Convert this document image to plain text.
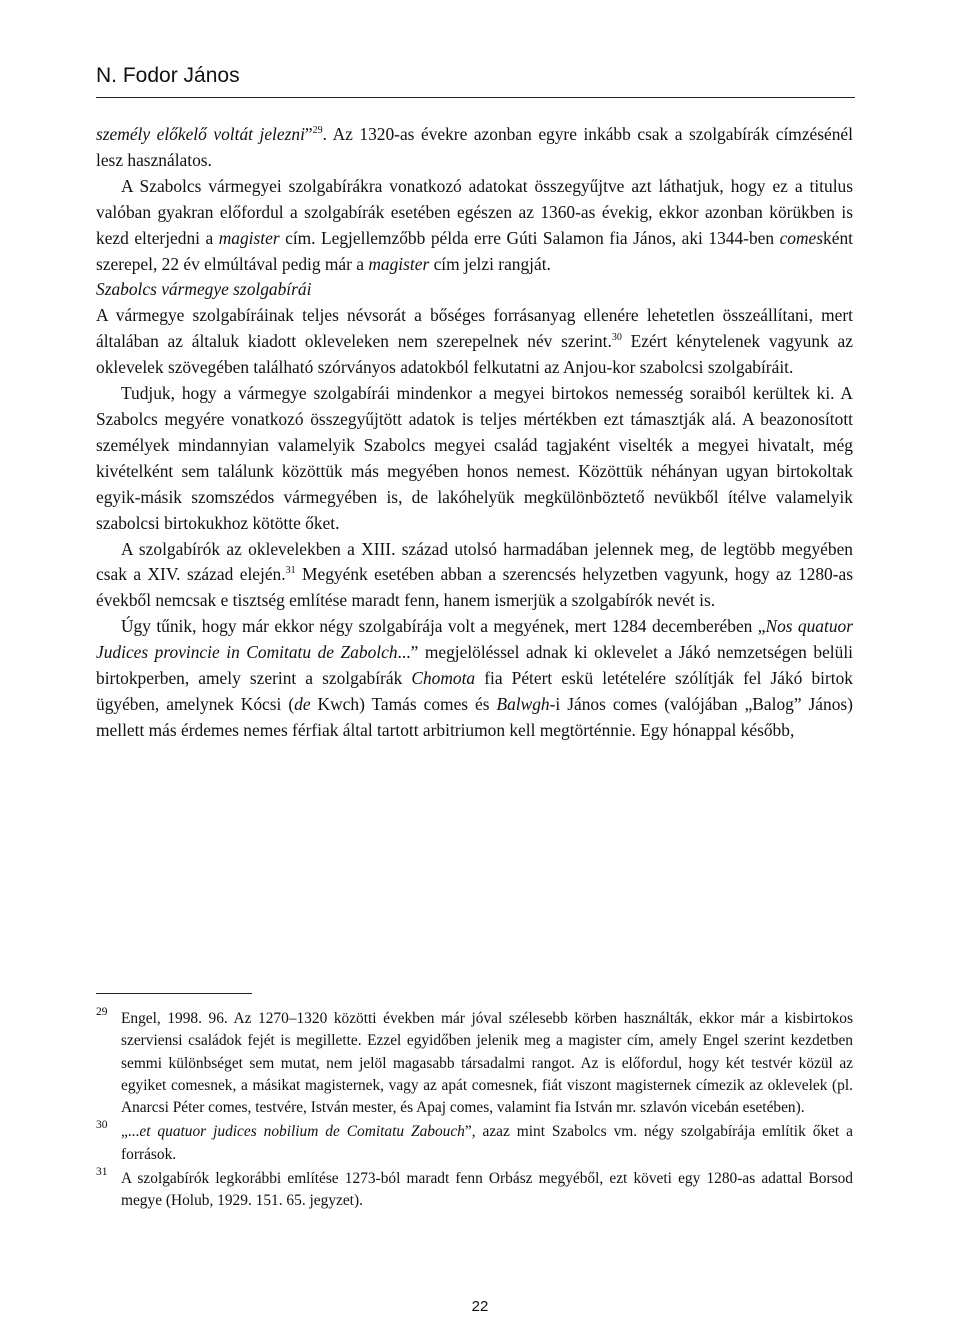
N. Fodor János

személy előkelő voltát jelezni”$^{29}$. Az 1320-as évekre azonban egyre inkább csak a szolgabírák címzésénél lesz használatos.

A Szabolcs vármegyei szolgabírákra vonatkozó adatokat összegyűjtve azt láthatjuk, hogy ez a titulus valóban gyakran előfordul a szolgabírák esetében egészen az 1360-as évekig, ekkor azonban körükben is kezd elterjedni a magister cím. Legjellemzőbb példa erre Gúti Salamon fia János, aki 1344-ben comesként szerepel, 22 év elmúltával pedig már a magister cím jelzi rangját.

Szabolcs vármegye szolgabírái

A vármegye szolgabíráinak teljes névsorát a bőséges forrásanyag ellenére lehetetlen összeállítani, mert általában az általuk kiadott okleveleken nem szerepelnek név szerint.$^{30}$ Ezért kénytelenek vagyunk az oklevelek szövegében található szórványos adatokból felkutatni az Anjou-kor szabolcsi szolgabíráit.

Tudjuk, hogy a vármegye szolgabírái mindenkor a megyei birtokos nemesség soraiból kerültek ki. A Szabolcs megyére vonatkozó összegyűjtött adatok is teljes mértékben ezt támasztják alá. A beazonosított személyek mindannyian valamelyik Szabolcs megyei család tagjaként viselték a megyei hivatalt, még kivételként sem találunk közöttük más megyében honos nemest. Közöttük néhányan ugyan birtokoltak egyik-másik szomszédos vármegyében is, de lakóhelyük megkülönböztető nevükből ítélve valamelyik szabolcsi birtokukhoz kötötte őket.

A szolgabírók az oklevelekben a XIII. század utolsó harmadában jelennek meg, de legtöbb megyében csak a XIV. század elején.$^{31}$ Megyénk esetében abban a szerencsés helyzetben vagyunk, hogy az 1280-as évekből nemcsak e tisztség említése maradt fenn, hanem ismerjük a szolgabírók nevét is.

Úgy tűnik, hogy már ekkor négy szolgabírája volt a megyének, mert 1284 decemberében „Nos quatuor Judices provincie in Comitatu de Zabolch...” megjelöléssel adnak ki oklevelet a Jákó nemzetségen belüli birtokperben, amely szerint a szolgabírák Chomota fia Pétert eskü letételére szólítják fel Jákó birtok ügyében, amelynek Kócsi (de Kwch) Tamás comes és Balwgh-i János comes (valójában „Balog” János) mellett más érdemes nemes férfiak által tartott arbitriumon kell megtörténnie. Egy hónappal később,

29 Engel, 1998. 96. Az 1270–1320 közötti években már jóval szélesebb körben használták, ekkor már a kisbirtokos szerviensi családok fejét is megillette. Ezzel egyidőben jelenik meg a magister cím, amely Engel szerint kezdetben semmi különbséget sem mutat, nem jelöl magasabb társadalmi rangot. Az is előfordul, hogy két testvér közül az egyiket comesnek, a másikat magisternek, vagy az apát comesnek, fiát viszont magisternek címezik az oklevelek (pl. Anarcsi Péter comes, testvére, István mester, és Apaj comes, valamint fia István mr. szlavón vicebán esetében).
30 „...et quatuor judices nobilium de Comitatu Zabouch”, azaz mint Szabolcs vm. négy szolgabírája említik őket a források.
31 A szolgabírók legkorábbi említése 1273-ból maradt fenn Orbász megyéből, ezt követi egy 1280-as adattal Borsod megye (Holub, 1929. 151. 65. jegyzet).
22
